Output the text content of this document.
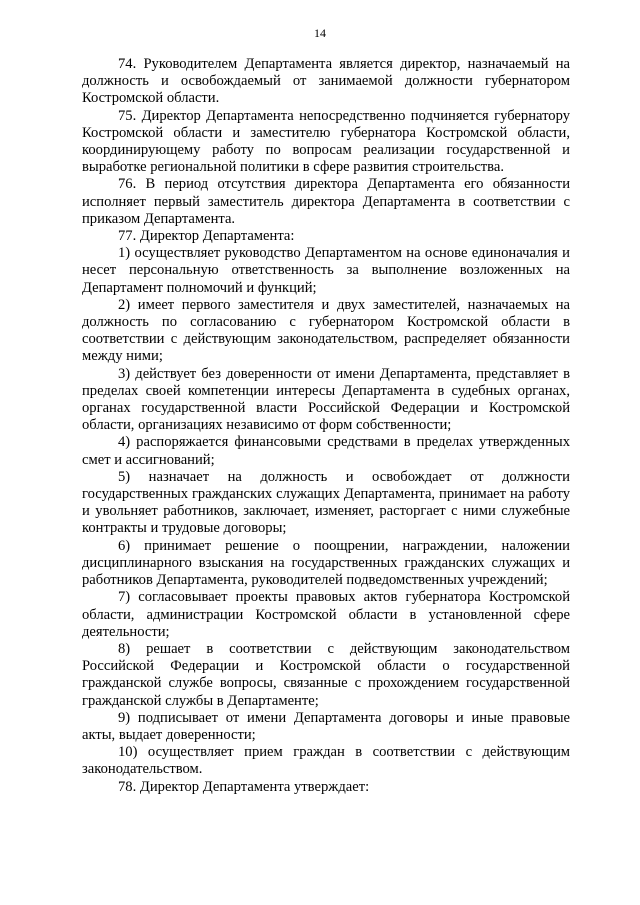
14

74. Руководителем Департамента является директор, назначаемый на должность и освобождаемый от занимаемой должности губернатором Костромской области.

75. Директор Департамента непосредственно подчиняется губернатору Костромской области и заместителю губернатора Костромской области, координирующему работу по вопросам реализации государственной и выработке региональной политики в сфере развития строительства.

76. В период отсутствия директора Департамента его обязанности исполняет первый заместитель директора Департамента в соответствии с приказом Департамента.

77. Директор Департамента:

1) осуществляет руководство Департаментом на основе единоначалия и несет персональную ответственность за выполнение возложенных на Департамент полномочий и функций;

2) имеет первого заместителя и двух заместителей, назначаемых на должность по согласованию с губернатором Костромской области в соответствии с действующим законодательством, распределяет обязанности между ними;

3) действует без доверенности от имени Департамента, представляет в пределах своей компетенции интересы Департамента в судебных органах, органах государственной власти Российской Федерации и Костромской области, организациях независимо от форм собственности;

4) распоряжается финансовыми средствами в пределах утвержденных смет и ассигнований;

5) назначает на должность и освобождает от должности государственных гражданских служащих Департамента, принимает на работу и увольняет работников, заключает, изменяет, расторгает с ними служебные контракты и трудовые договоры;

6) принимает решение о поощрении, награждении, наложении дисциплинарного взыскания на государственных гражданских служащих и работников Департамента, руководителей подведомственных учреждений;

7) согласовывает проекты правовых актов губернатора Костромской области, администрации Костромской области в установленной сфере деятельности;

8) решает в соответствии с действующим законодательством Российской Федерации и Костромской области о государственной гражданской службе вопросы, связанные с прохождением государственной гражданской службы в Департаменте;

9) подписывает от имени Департамента договоры и иные правовые акты, выдает доверенности;

10) осуществляет прием граждан в соответствии с действующим законодательством.

78. Директор Департамента утверждает:
